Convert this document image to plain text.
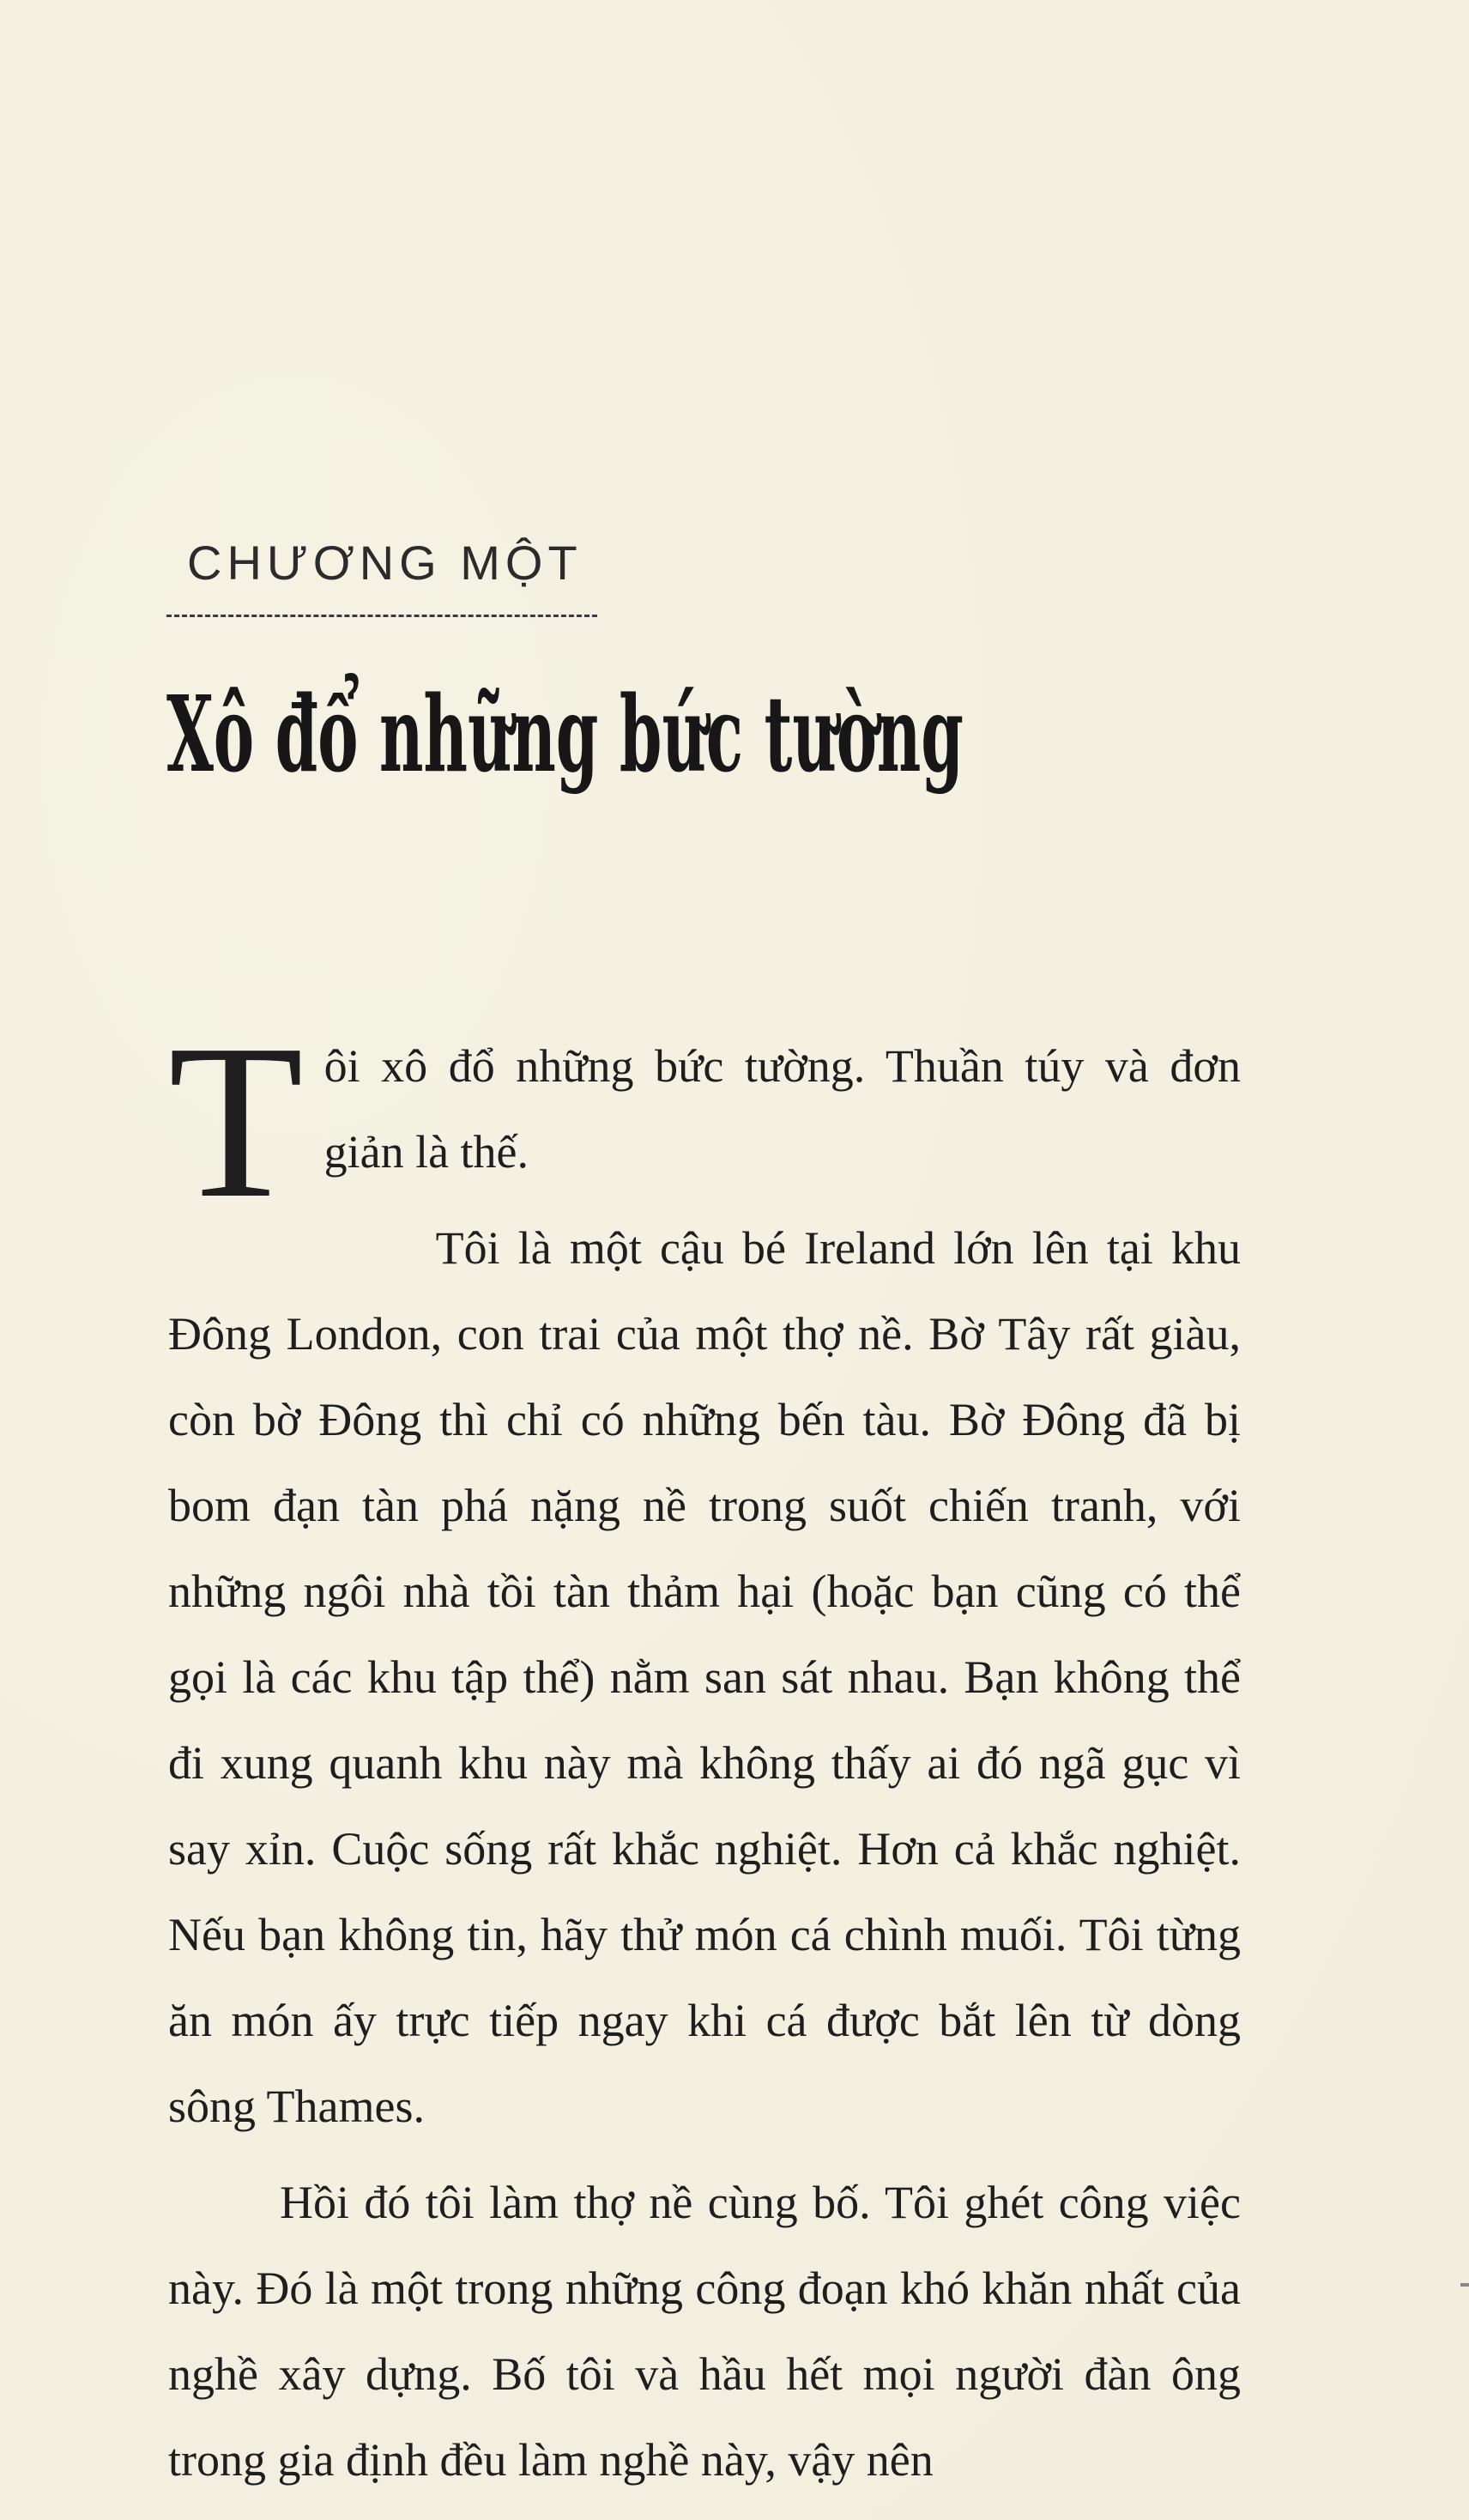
CHƯƠNG MỘT
Xô đổ những bức tường

T ôi xô đổ những bức tường. Thuần túy và đơn giản là thế.

Tôi là một cậu bé Ireland lớn lên tại khu Đông London, con trai của một thợ nề. Bờ Tây rất giàu, còn bờ Đông thì chỉ có những bến tàu. Bờ Đông đã bị bom đạn tàn phá nặng nề trong suốt chiến tranh, với những ngôi nhà tồi tàn thảm hại (hoặc bạn cũng có thể gọi là các khu tập thể) nằm san sát nhau. Bạn không thể đi xung quanh khu này mà không thấy ai đó ngã gục vì say xỉn. Cuộc sống rất khắc nghiệt. Hơn cả khắc nghiệt. Nếu bạn không tin, hãy thử món cá chình muối. Tôi từng ăn món ấy trực tiếp ngay khi cá được bắt lên từ dòng sông Thames.

Hồi đó tôi làm thợ nề cùng bố. Tôi ghét công việc này. Đó là một trong những công đoạn khó khăn nhất của nghề xây dựng. Bố tôi và hầu hết mọi người đàn ông trong gia định đều làm nghề này, vậy nên
